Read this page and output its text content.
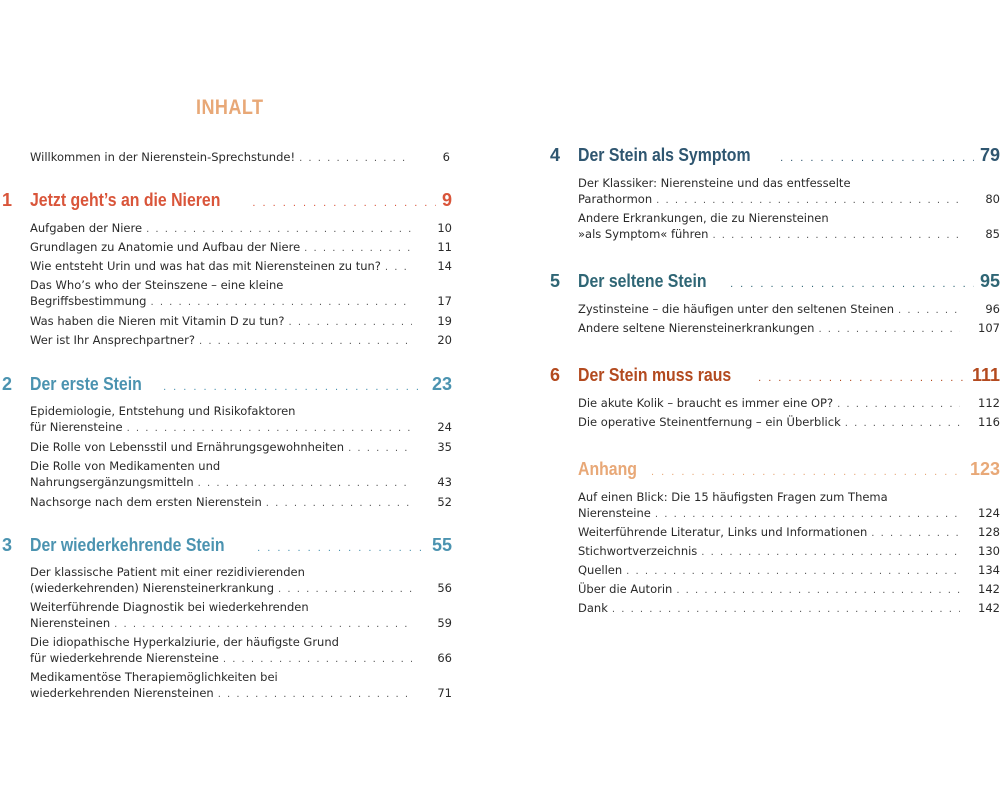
INHALT
Willkommen in der Nierenstein-Sprechstunde! . . .	6
1 Jetzt geht’s an die Nieren . . .	9
Aufgaben der Niere . . .	10
Grundlagen zu Anatomie und Aufbau der Niere . . .	11
Wie entsteht Urin und was hat das mit Nierensteinen zu tun? . . .	14
Das Who’s who der Steinszene – eine kleine
Begriffsbestimmung . . .	17
Was haben die Nieren mit Vitamin D zu tun? . . .	19
Wer ist Ihr Ansprechpartner? . . .	20
2 Der erste Stein . . .	23
Epidemiologie, Entstehung und Risikofaktoren
für Nierensteine . . .	24
Die Rolle von Lebensstil und Ernährungsgewohnheiten . . .	35
Die Rolle von Medikamenten und
Nahrungsergänzungsmitteln . . .	43
Nachsorge nach dem ersten Nierenstein . . .	52
3 Der wiederkehrende Stein . . .	55
Der klassische Patient mit einer rezidivierenden
(wiederkehrenden) Nierensteinerkrankung . . .	56
Weiterführende Diagnostik bei wiederkehrenden
Nierensteinen . . .	59
Die idiopathische Hyperkalziurie, der häufigste Grund
für wiederkehrende Nierensteine . . .	66
Medikamentöse Therapiemöglichkeiten bei
wiederkehrenden Nierensteinen . . .	71
4 Der Stein als Symptom . . .	79
Der Klassiker: Nierensteine und das entfesselte
Parathormon . . .	80
Andere Erkrankungen, die zu Nierensteinen
»als Symptom« führen . . .	85
5 Der seltene Stein . . .	95
Zystinsteine – die häufigen unter den seltenen Steinen . . .	96
Andere seltene Nierensteinerkrankungen . . .	107
6 Der Stein muss raus . . .	111
Die akute Kolik – braucht es immer eine OP? . . .	112
Die operative Steinentfernung – ein Überblick . . .	116
Anhang . . .	123
Auf einen Blick: Die 15 häufigsten Fragen zum Thema
Nierensteine . . .	124
Weiterführende Literatur, Links und Informationen . . .	128
Stichwortverzeichnis . . .	130
Quellen . . .	134
Über die Autorin . . .	142
Dank . . .	142
